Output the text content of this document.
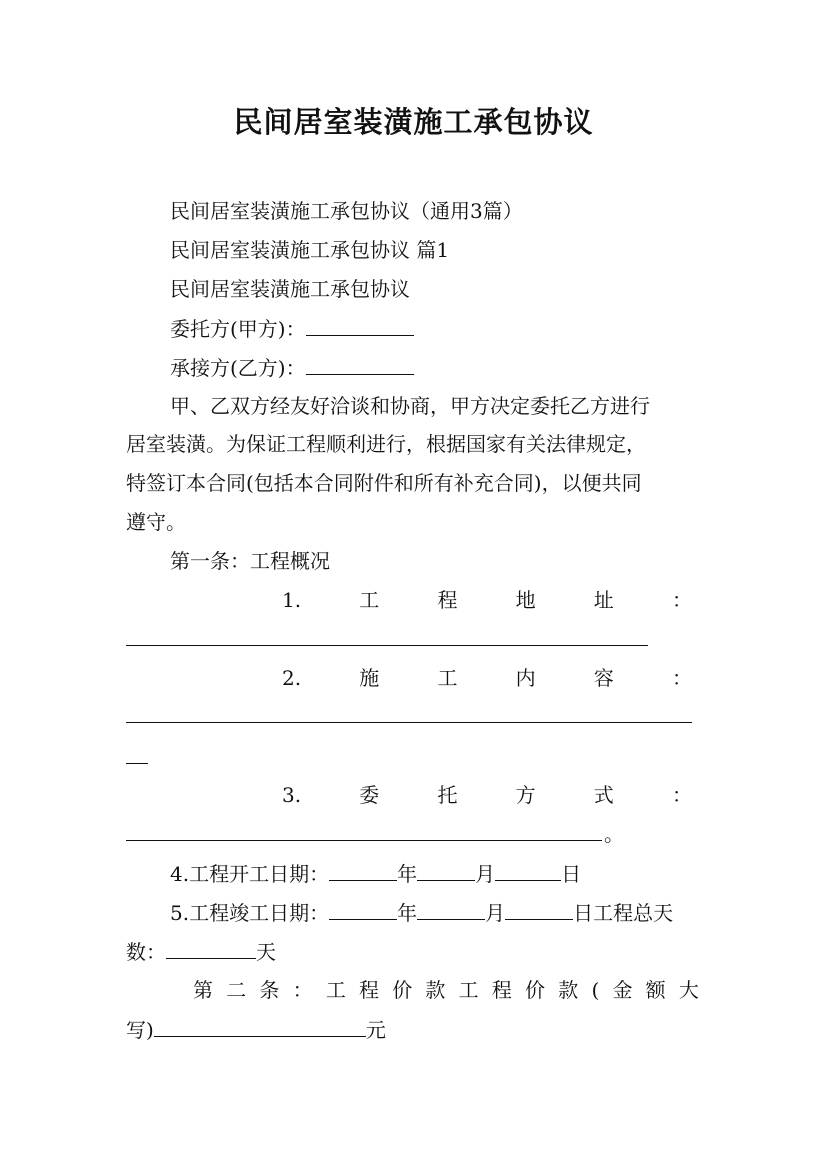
民间居室装潢施工承包协议

民间居室装潢施工承包协议（通用3篇）

民间居室装潢施工承包协议 篇1

民间居室装潢施工承包协议

委托方(甲方)：

承接方(乙方)：

甲、乙双方经友好洽谈和协商，甲方决定委托乙方进行

居室装潢。为保证工程顺利进行，根据国家有关法律规定，

特签订本合同(包括本合同附件和所有补充合同)，以便共同

遵守。

第一条：工程概况

1.	工	程	地	址	：
2.	施	工	内	容	：
3.	委	托	方	式	：
。

4.工程开工日期：	年	月	日

5.工程竣工日期：	年	月	日工程总天

数：	天

第 二 条 ： 工 程 价 款 工 程 价 款 ( 金 额 大

写)	元
